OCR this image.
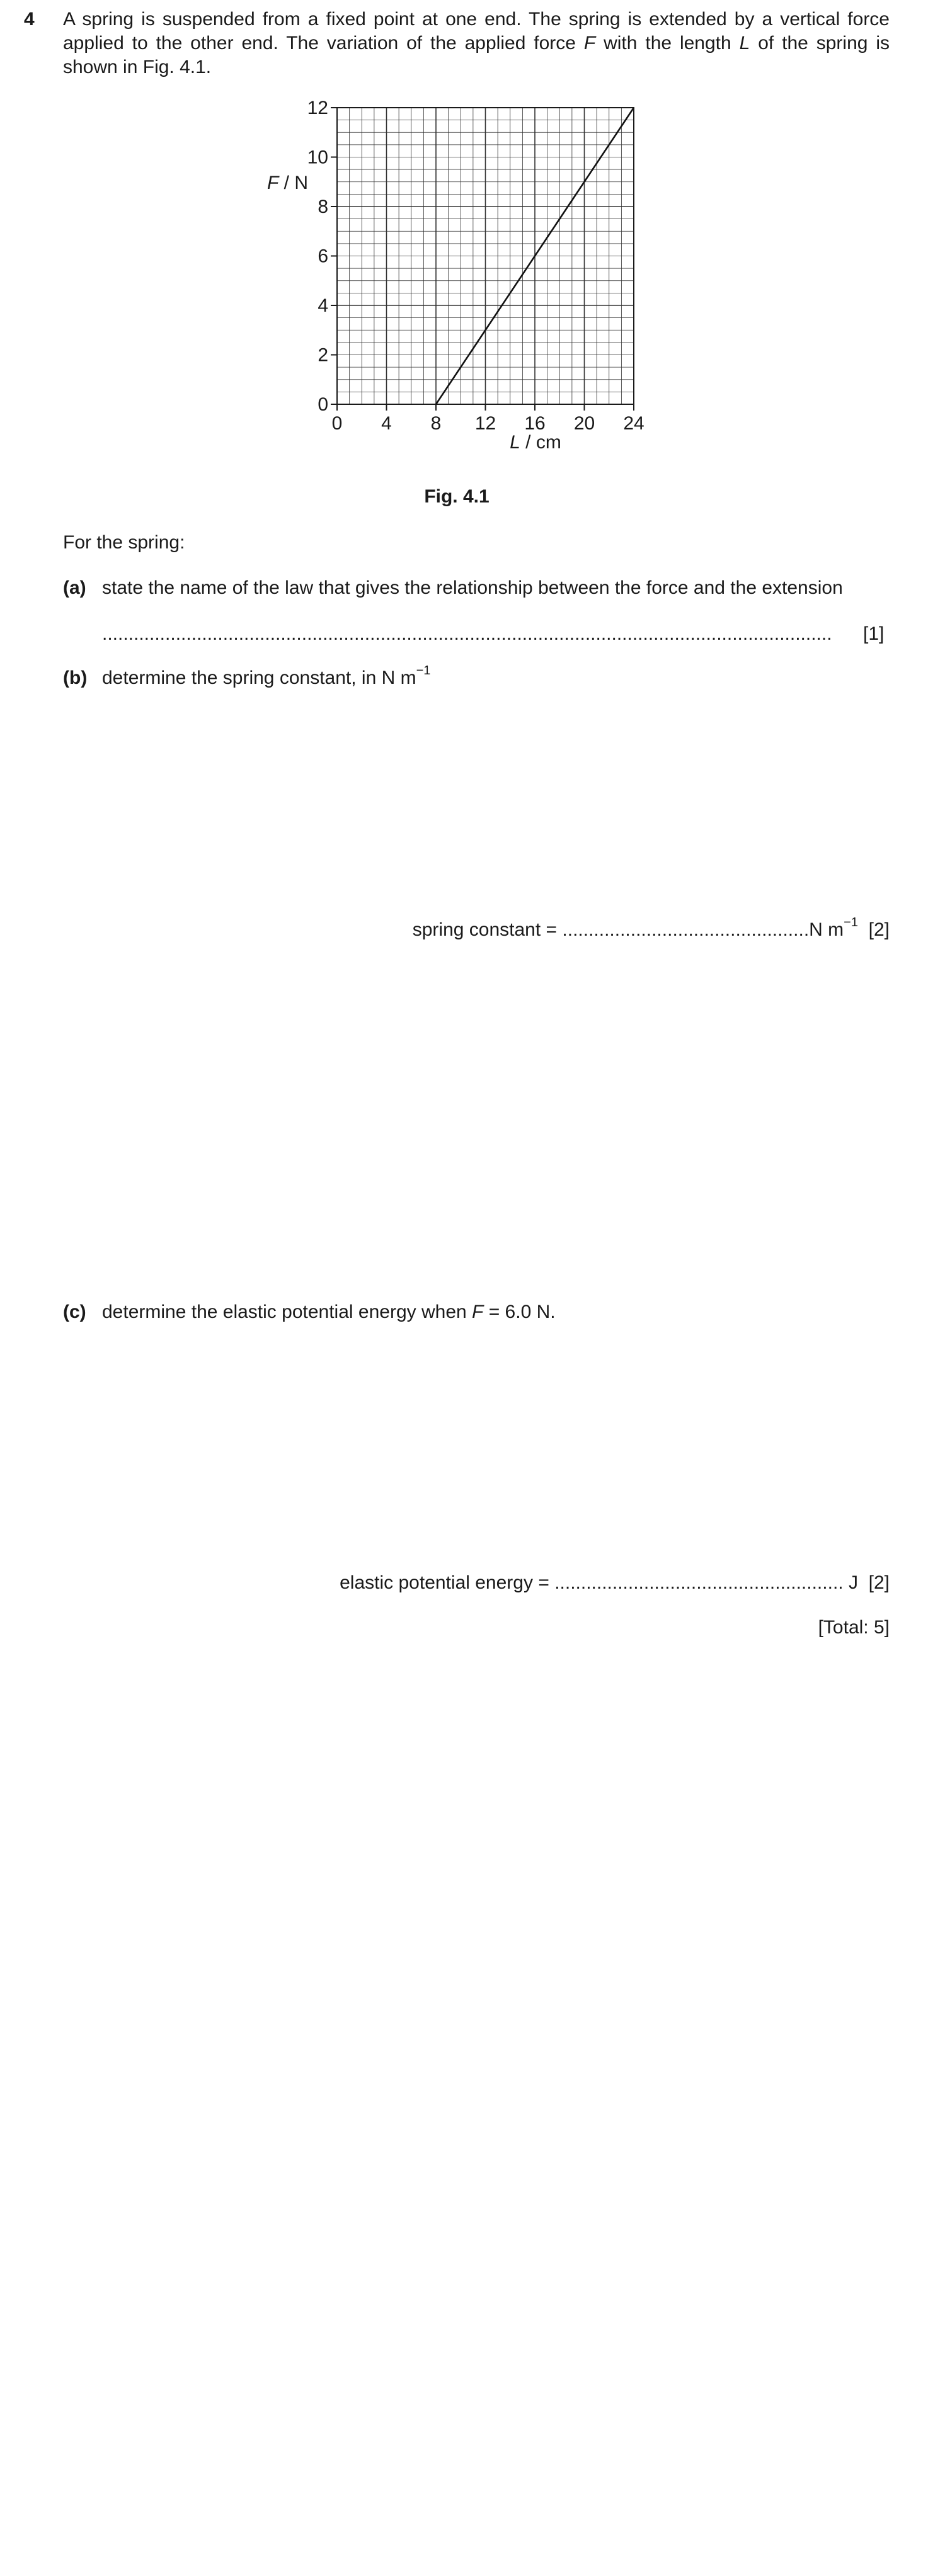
4 A spring is suspended from a fixed point at one end. The spring is extended by a vertical force applied to the other end. The variation of the applied force F with the length L of the spring is shown in Fig. 4.1.
0 4 8 12 16 20 24
0
2
4
6
8
10
12
F / N
L / cm
Fig. 4.1
For the spring:
(a) state the name of the law that gives the relationship between the force and the extension
...........................................................................................................................................	[1]
(b) determine the spring constant, in N $m^{-1}$
spring constant = ...............................................N $m^{-1}$ [2]
(c) determine the elastic potential energy when F = 6.0 N.
elastic potential energy = ....................................................... J [2]
[Total: 5]
